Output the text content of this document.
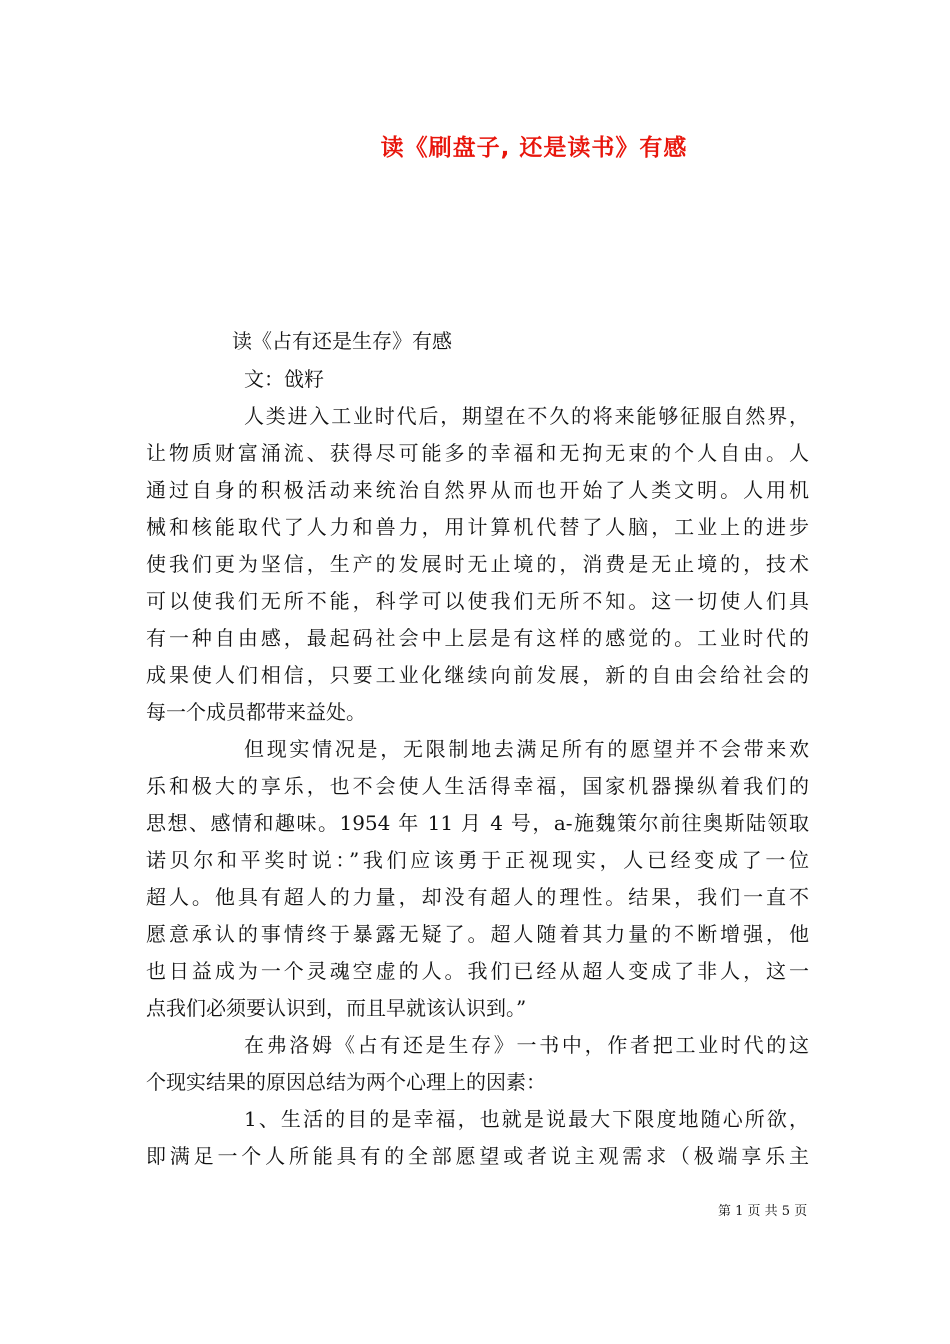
读《刷盘子, 还是读书》有感
读《占有还是生存》有感
文：戗籽
人类进入工业时代后，期望在不久的将来能够征服自然界，
让物质财富涌流、获得尽可能多的幸福和无拘无束的个人自由。人
通过自身的积极活动来统治自然界从而也开始了人类文明。人用机
械和核能取代了人力和兽力，用计算机代替了人脑，工业上的进步
使我们更为坚信，生产的发展时无止境的，消费是无止境的，技术
可以使我们无所不能，科学可以使我们无所不知。这一切使人们具
有一种自由感，最起码社会中上层是有这样的感觉的。工业时代的
成果使人们相信，只要工业化继续向前发展，新的自由会给社会的
每一个成员都带来益处。
但现实情况是，无限制地去满足所有的愿望并不会带来欢
乐和极大的享乐，也不会使人生活得幸福，国家机器操纵着我们的
思想、感情和趣味。1954 年 11 月 4 号，a-施魏策尔前往奥斯陆领取
诺贝尔和平奖时说：”我们应该勇于正视现实，人已经变成了一位
超人。他具有超人的力量，却没有超人的理性。结果，我们一直不
愿意承认的事情终于暴露无疑了。超人随着其力量的不断增强，他
也日益成为一个灵魂空虚的人。我们已经从超人变成了非人，这一
点我们必须要认识到，而且早就该认识到。”
在弗洛姆《占有还是生存》一书中，作者把工业时代的这
个现实结果的原因总结为两个心理上的因素：
1、生活的目的是幸福，也就是说最大下限度地随心所欲，
即满足一个人所能具有的全部愿望或者说主观需求（极端享乐主
第 1 页 共 5 页
